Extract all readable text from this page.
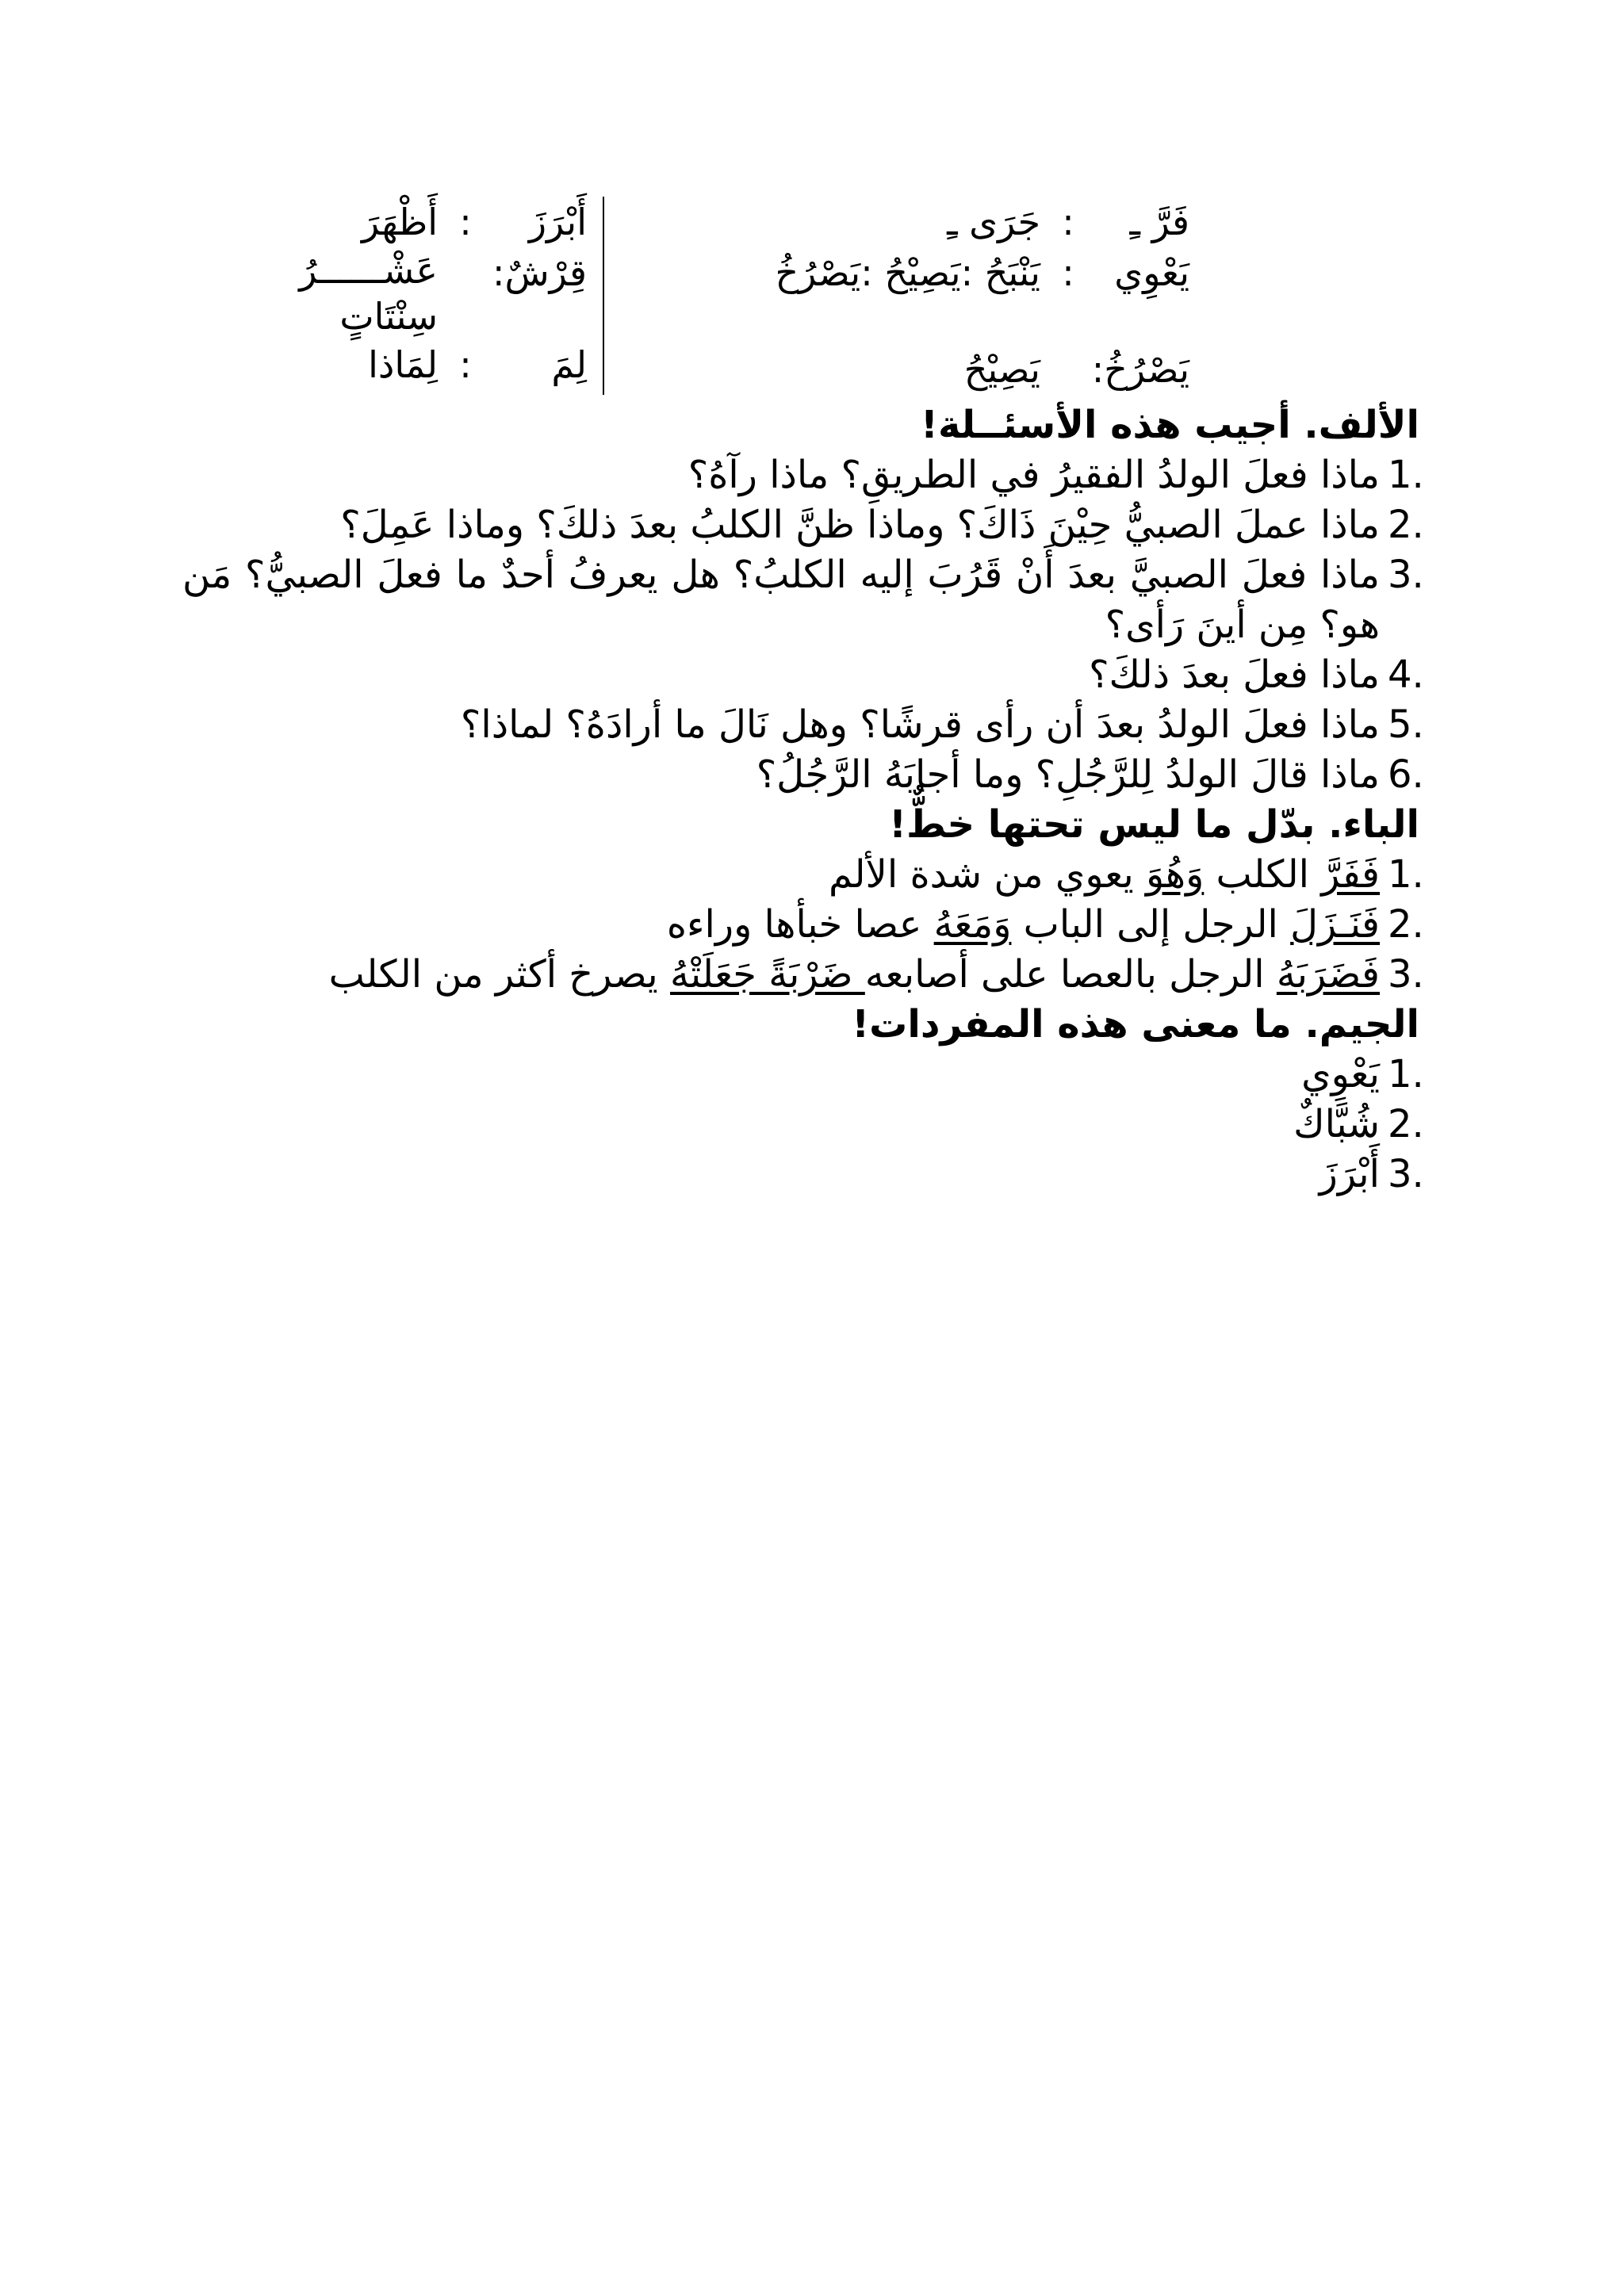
فَرَّ ـِ
:
جَرَى ـِ
يَعْوِي
:
يَنْبَحُ :يَصِيْحُ :يَصْرُخُ
يَصْرُخُ:
يَصِيْحُ
أَبْرَزَ
:
أَظْهَرَ
قِرْشٌ:
عَشْــــــرُ سِنْتَاتٍ
لِمَ
:
لِمَاذا

الألف. أجيب هذه الأسئــلة!

1.
ماذا فعلَ الولدُ الفقيرُ في الطريقِ؟ ماذا رآهُ؟
2.
ماذا عملَ الصبيُّ حِيْنَ ذَاكَ؟ وماذا ظنَّ الكلبُ بعدَ ذلكَ؟ وماذا عَمِلَ؟
3.
ماذا فعلَ الصبيَّ بعدَ أَنْ قَرُبَ إليه الكلبُ؟ هل يعرفُ أحدٌ ما فعلَ الصبيُّ؟ مَن هو؟ مِن أينَ رَأى؟
4.
ماذا فعلَ بعدَ ذلكَ؟
5.
ماذا فعلَ الولدُ بعدَ أن رأى قرشًا؟ وهل نَالَ ما أرادَهُ؟ لماذا؟
6.
ماذا قالَ الولدُ لِلرَّجُلِ؟ وما أجابَهُ الرَّجُلُ؟

الباء. بدّل ما ليس تحتها خطٌّ!

1.
فَفَرَّ الكلب وَهُوَ يعوي من شدة الألم
2.
فَنَـزَلَ الرجل إلى الباب وَمَعَهُ عصا خبأها وراءه
3.
فَضَرَبَهُ الرجل بالعصا على أصابعه ضَرْبَةً جَعَلَتْهُ يصرخ أكثر من الكلب

الجيم. ما معنى هذه المفردات!

1.
يَعْوِي
2.
شُبَّاكٌ
3.
أَبْرَزَ
